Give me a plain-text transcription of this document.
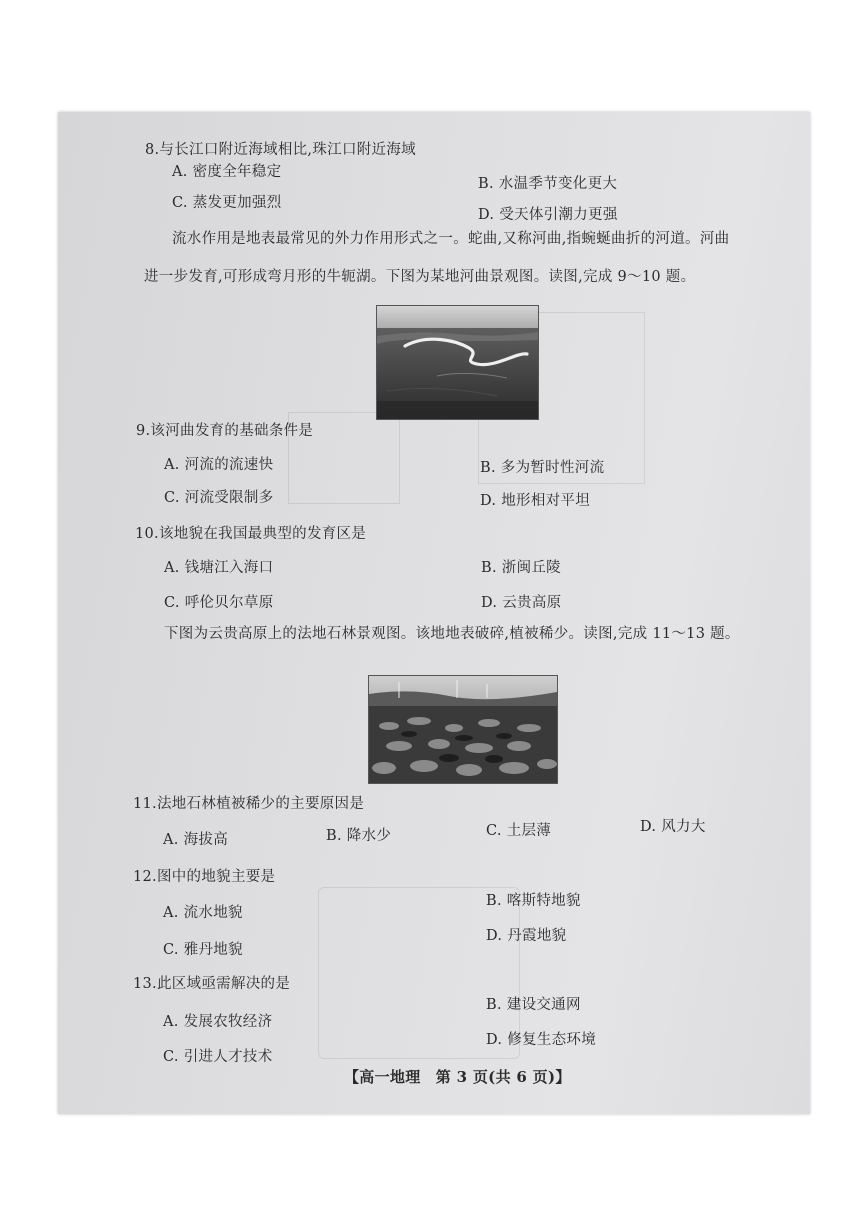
8.与长江口附近海域相比,珠江口附近海域
A. 密度全年稳定
B. 水温季节变化更大
C. 蒸发更加强烈
D. 受天体引潮力更强
流水作用是地表最常见的外力作用形式之一。蛇曲,又称河曲,指蜿蜒曲折的河道。河曲
进一步发育,可形成弯月形的牛轭湖。下图为某地河曲景观图。读图,完成 9～10 题。
9.该河曲发育的基础条件是
A. 河流的流速快	B. 多为暂时性河流
C. 河流受限制多	D. 地形相对平坦
10.该地貌在我国最典型的发育区是
A. 钱塘江入海口	B. 浙闽丘陵
C. 呼伦贝尔草原	D. 云贵高原
下图为云贵高原上的法地石林景观图。该地地表破碎,植被稀少。读图,完成 11～13 题。
11.法地石林植被稀少的主要原因是
A. 海拔高	B. 降水少	C. 土层薄	D. 风力大
12.图中的地貌主要是
A. 流水地貌
B. 喀斯特地貌
C. 雅丹地貌
D. 丹霞地貌
13.此区域亟需解决的是
A. 发展农牧经济
B. 建设交通网
C. 引进人才技术
D. 修复生态环境
【高一地理　第 3 页(共 6 页)】
